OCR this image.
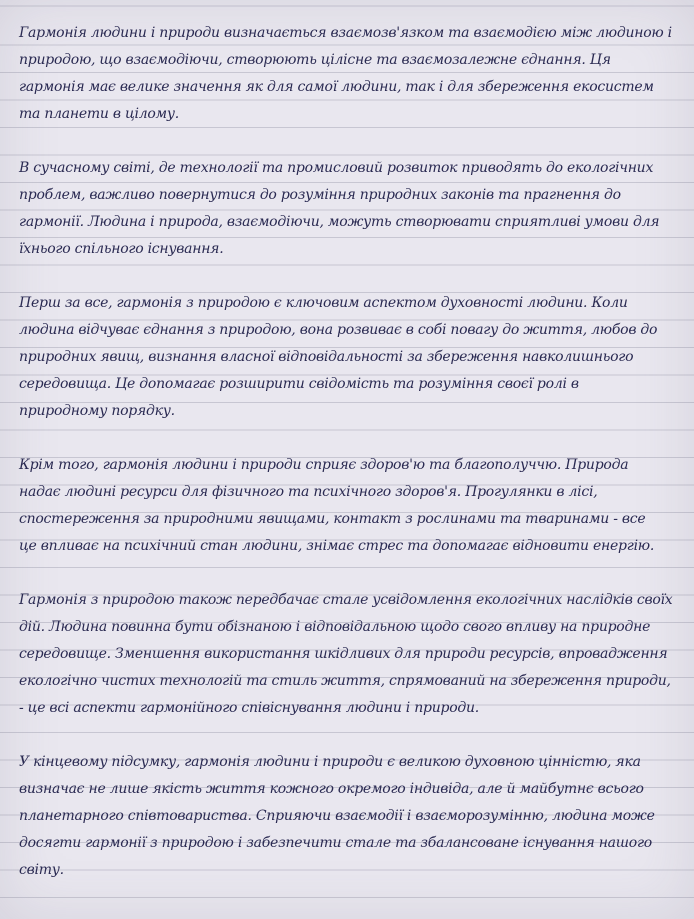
Гармонія людини і природи визначається взаємозв'язком та взаємодією між людиною і
природою, що взаємодіючи, створюють цілісне та взаємозалежне єднання. Ця
гармонія має велике значення як для самої людини, так і для збереження екосистем
та планети в цілому.
В сучасному світі, де технології та промисловий розвиток приводять до екологічних
проблем, важливо повернутися до розуміння природних законів та прагнення до
гармонії. Людина і природа, взаємодіючи, можуть створювати сприятливі умови для
їхнього спільного існування.
Перш за все, гармонія з природою є ключовим аспектом духовності людини. Коли
людина відчуває єднання з природою, вона розвиває в собі повагу до життя, любов до
природних явищ, визнання власної відповідальності за збереження навколишнього
середовища. Це допомагає розширити свідомість та розуміння своєї ролі в
природному порядку.
Крім того, гармонія людини і природи сприяє здоров'ю та благополуччю. Природа
надає людині ресурси для фізичного та психічного здоров'я. Прогулянки в лісі,
спостереження за природними явищами, контакт з рослинами та тваринами - все
це впливає на психічний стан людини, знімає стрес та допомагає відновити енергію.
Гармонія з природою також передбачає стале усвідомлення екологічних наслідків своїх
дій. Людина повинна бути обізнаною і відповідальною щодо свого впливу на природне
середовище. Зменшення використання шкідливих для природи ресурсів, впровадження
екологічно чистих технологій та стиль життя, спрямований на збереження природи,
- це всі аспекти гармонійного співіснування людини і природи.
У кінцевому підсумку, гармонія людини і природи є великою духовною цінністю, яка
визначає не лише якість життя кожного окремого індивіда, але й майбутнє всього
планетарного співтовариства. Сприяючи взаємодії і взаєморозумінню, людина може
досягти гармонії з природою і забезпечити стале та збалансоване існування нашого
світу.
